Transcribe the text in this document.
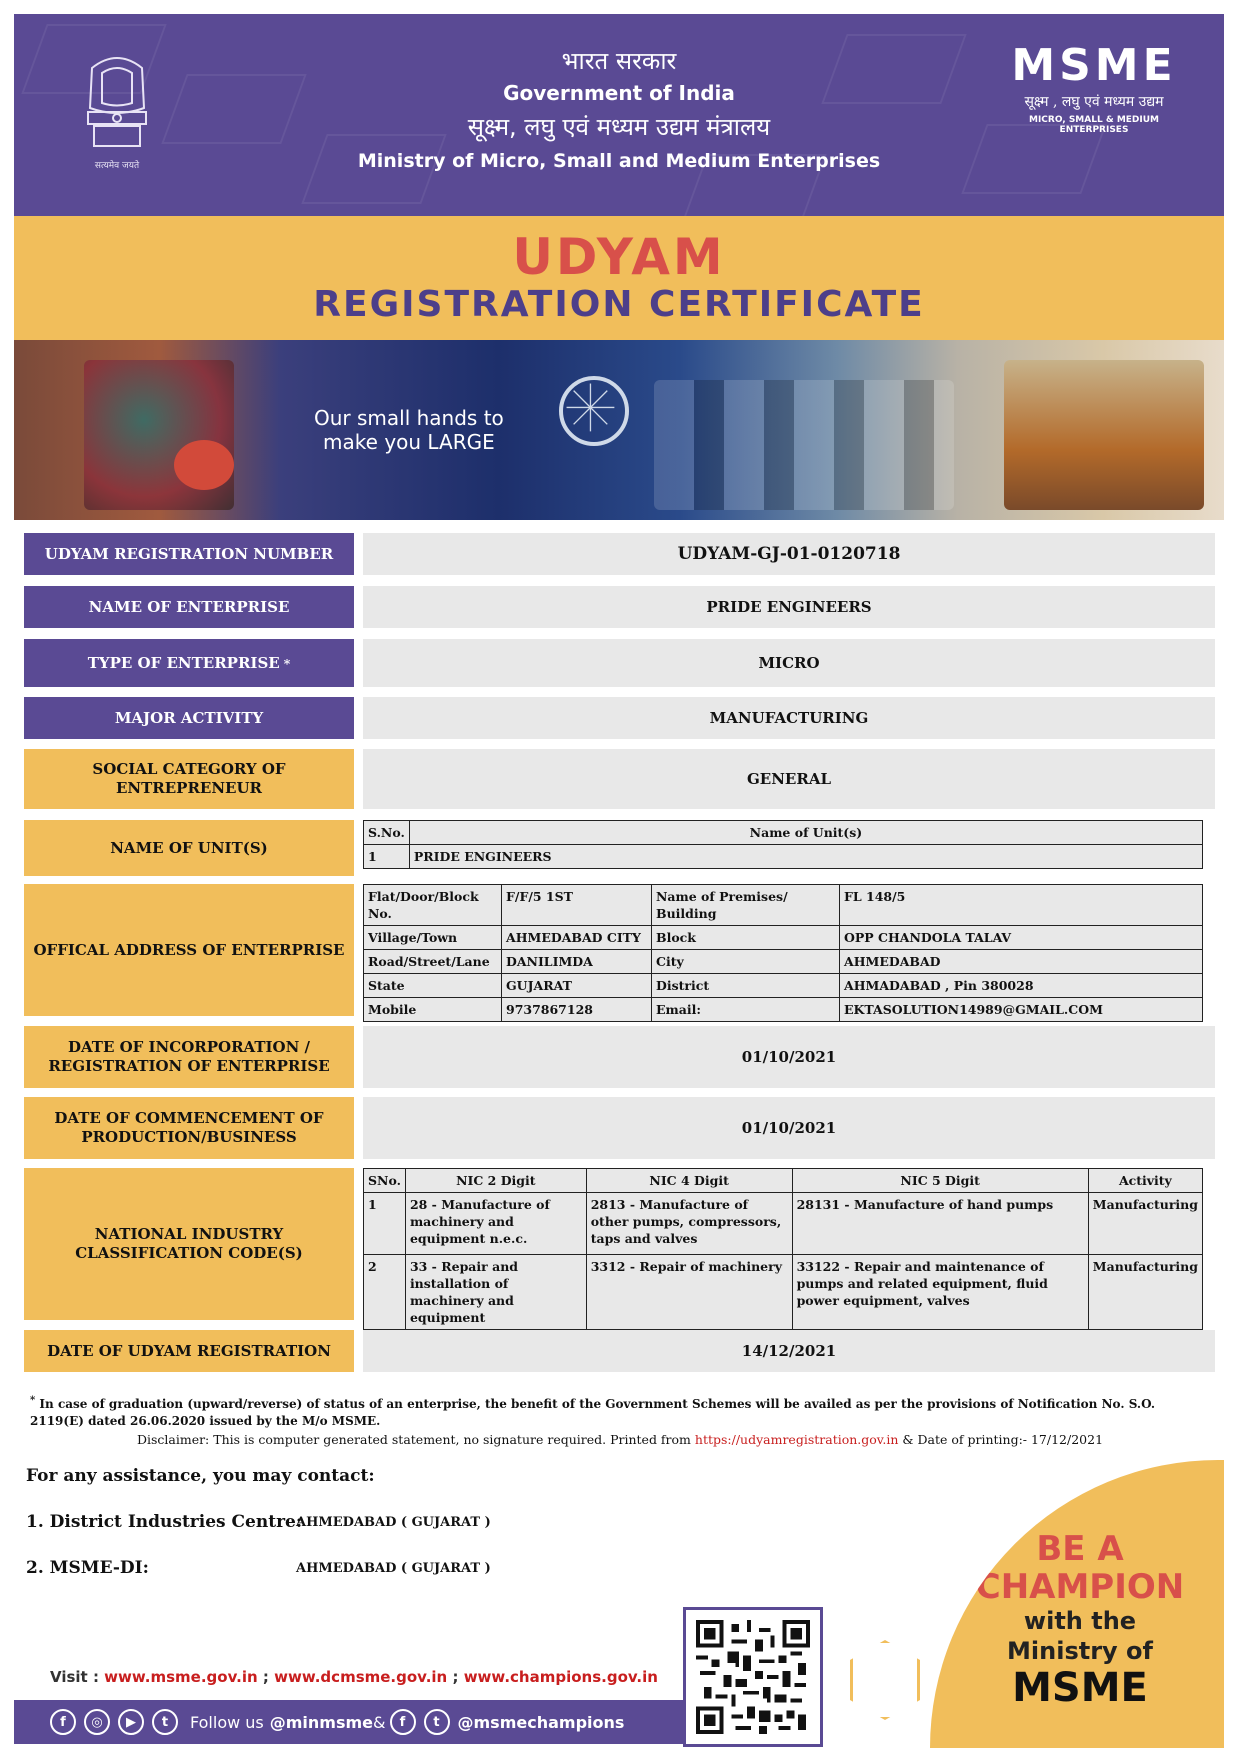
सत्यमेव जयते
भारत सरकार
Government of India
सूक्ष्म, लघु एवं मध्यम उद्यम मंत्रालय
Ministry of Micro, Small and Medium Enterprises
MSME
सूक्ष्म , लघु एवं मध्यम उद्यम
MICRO, SMALL & MEDIUM ENTERPRISES
UDYAM
REGISTRATION CERTIFICATE
Our small hands to
make you LARGE
UDYAM REGISTRATION NUMBER	UDYAM-GJ-01-0120718
NAME OF ENTERPRISE	PRIDE ENGINEERS
TYPE OF ENTERPRISE *	MICRO
MAJOR ACTIVITY	MANUFACTURING
SOCIAL CATEGORY OF ENTREPRENEUR	GENERAL
NAME OF UNIT(S)
S.No.	Name of Unit(s)
1	PRIDE ENGINEERS
OFFICAL ADDRESS OF ENTERPRISE
Flat/Door/Block No.	F/F/5 1ST	Name of Premises/ Building	FL 148/5
Village/Town	AHMEDABAD CITY	Block	OPP CHANDOLA TALAV
Road/Street/Lane	DANILIMDA	City	AHMEDABAD
State	GUJARAT	District	AHMADABAD , Pin 380028
Mobile	9737867128	Email:	EKTASOLUTION14989@GMAIL.COM
DATE OF INCORPORATION / REGISTRATION OF ENTERPRISE	01/10/2021
DATE OF COMMENCEMENT OF PRODUCTION/BUSINESS	01/10/2021
NATIONAL INDUSTRY CLASSIFICATION CODE(S)
SNo.	NIC 2 Digit	NIC 4 Digit	NIC 5 Digit	Activity
1	28 - Manufacture of machinery and equipment n.e.c.	2813 - Manufacture of other pumps, compressors, taps and valves	28131 - Manufacture of hand pumps	Manufacturing
2	33 - Repair and installation of machinery and equipment	3312 - Repair of machinery	33122 - Repair and maintenance of pumps and related equipment, fluid power equipment, valves	Manufacturing
DATE OF UDYAM REGISTRATION	14/12/2021
* In case of graduation (upward/reverse) of status of an enterprise, the benefit of the Government Schemes will be availed as per the provisions of Notification No. S.O. 2119(E) dated 26.06.2020 issued by the M/o MSME.
Disclaimer: This is computer generated statement, no signature required. Printed from https://udyamregistration.gov.in & Date of printing:- 17/12/2021
For any assistance, you may contact:
1. District Industries Centre:
AHMEDABAD ( GUJARAT )
2. MSME-DI:	AHMEDABAD ( GUJARAT )	BE A
CHAMPION
with the
Ministry of
MSME
Visit : www.msme.gov.in ; www.dcmsme.gov.in ; www.champions.gov.in
f	◎	▶	t	Follow us @minmsme &	f	t	@msmechampions
